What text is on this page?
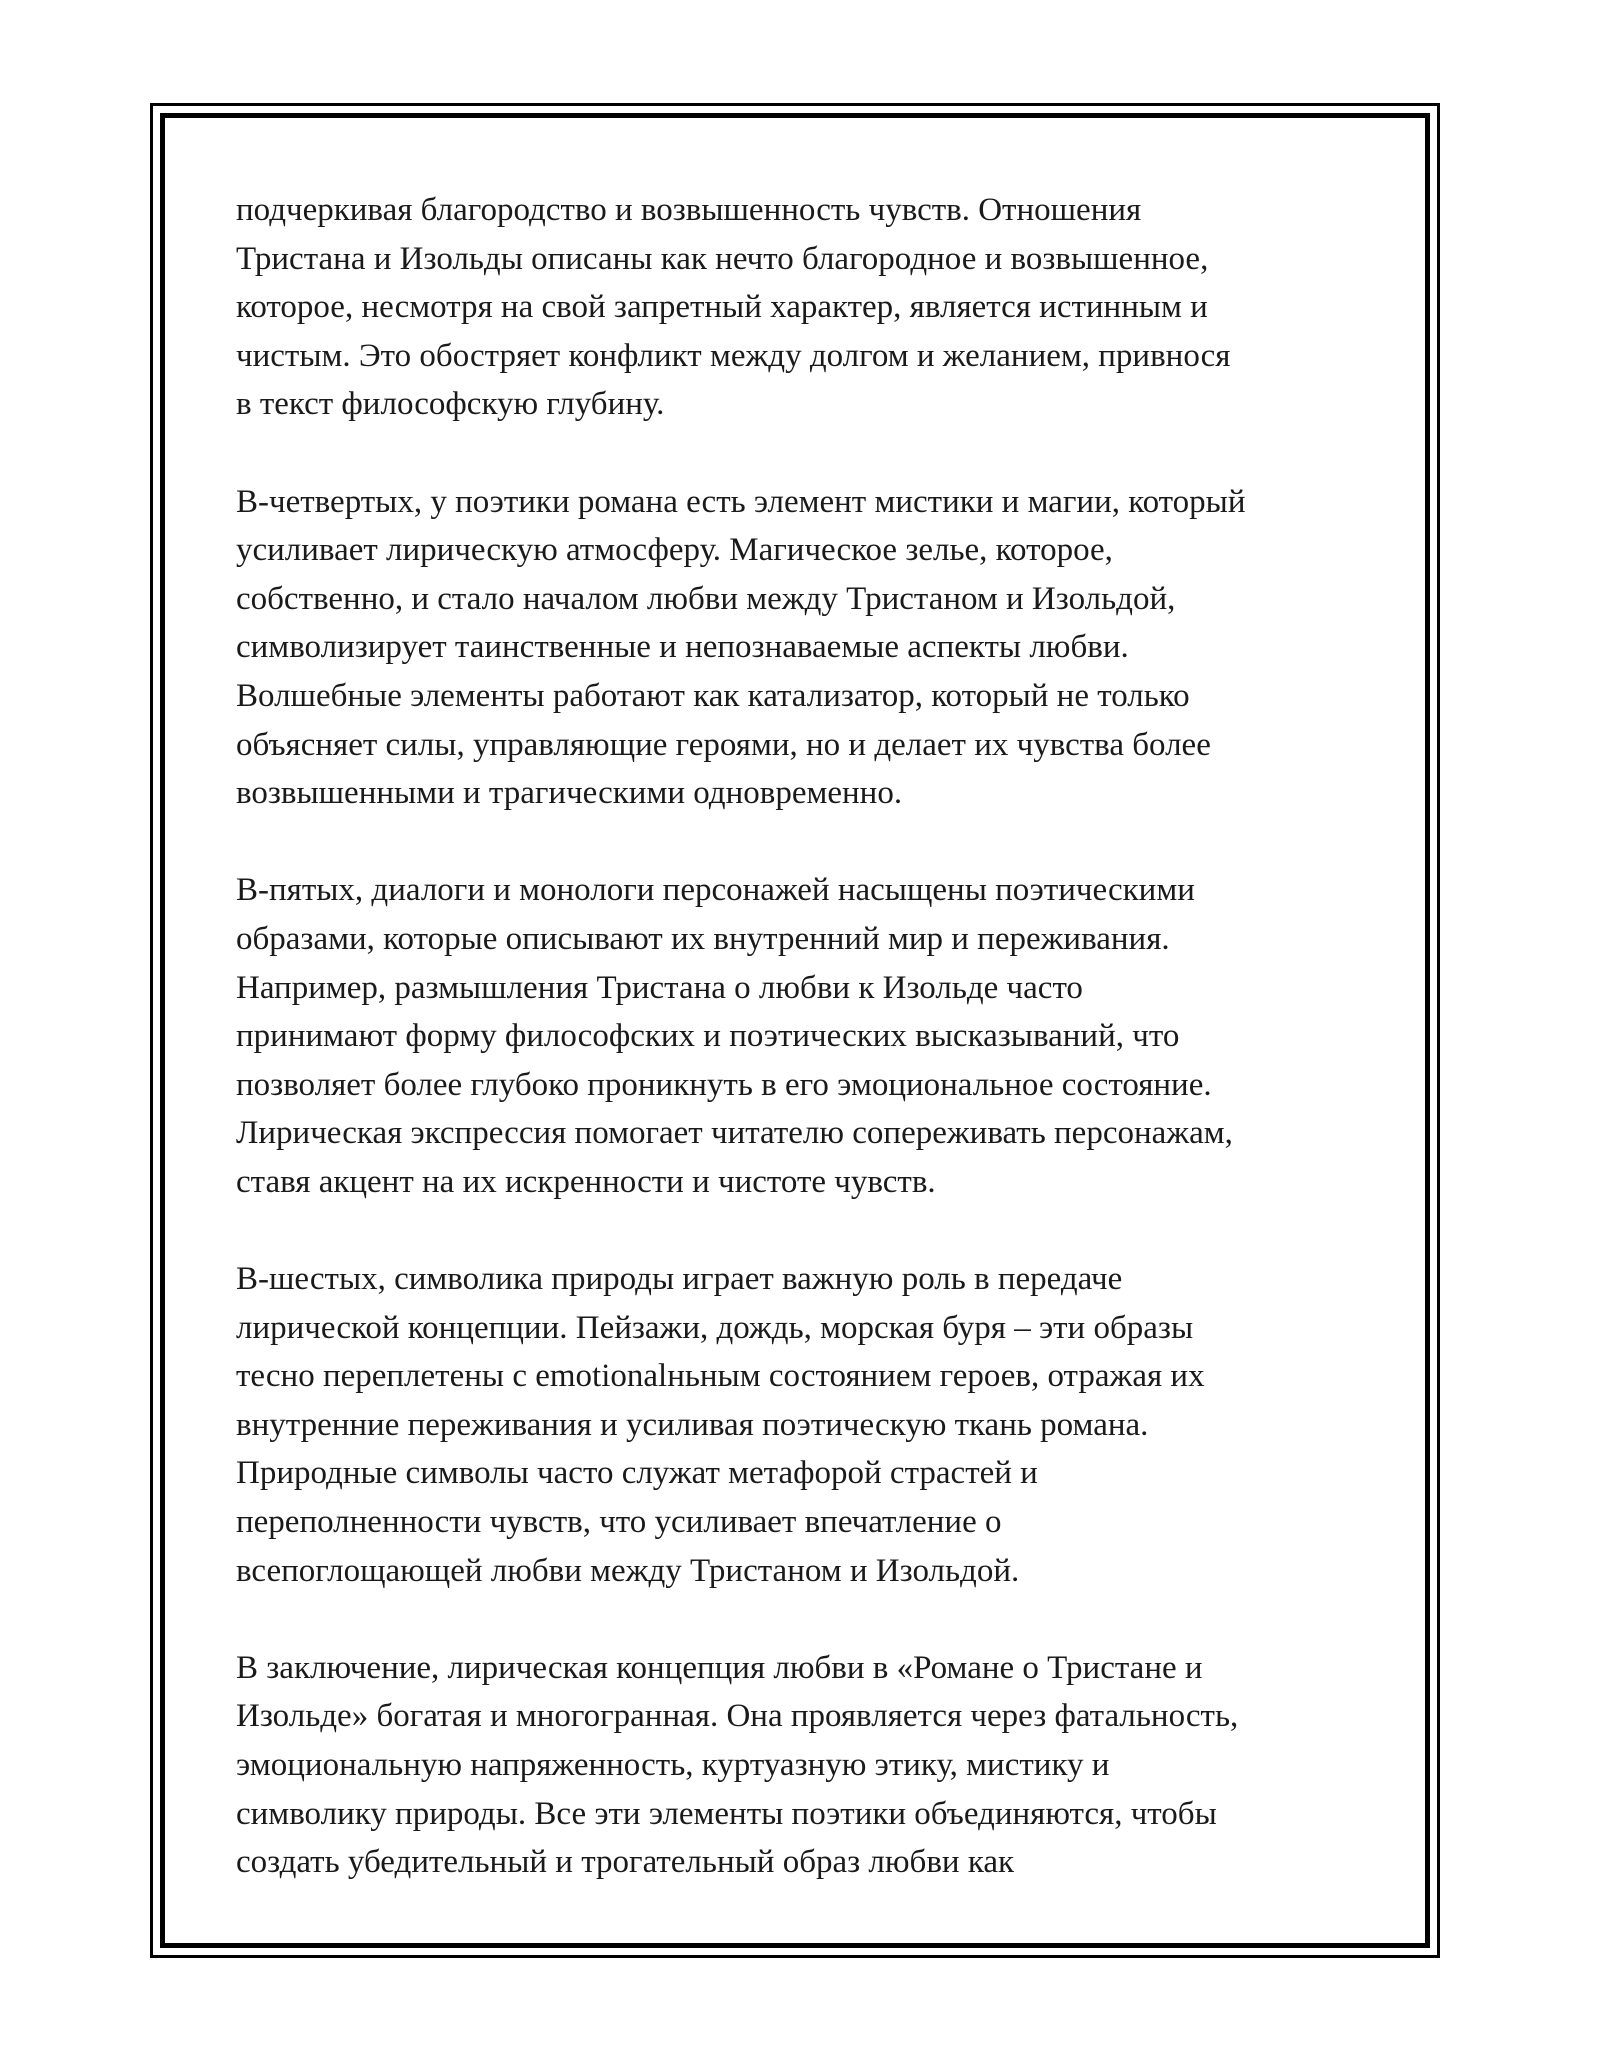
подчеркивая благородство и возвышенность чувств. Отношения
Тристана и Изольды описаны как нечто благородное и возвышенное,
которое, несмотря на свой запретный характер, является истинным и
чистым. Это обостряет конфликт между долгом и желанием, привнося
в текст философскую глубину.

В-четвертых, у поэтики романа есть элемент мистики и магии, который
усиливает лирическую атмосферу. Магическое зелье, которое,
собственно, и стало началом любви между Тристаном и Изольдой,
символизирует таинственные и непознаваемые аспекты любви.
Волшебные элементы работают как катализатор, который не только
объясняет силы, управляющие героями, но и делает их чувства более
возвышенными и трагическими одновременно.

В-пятых, диалоги и монологи персонажей насыщены поэтическими
образами, которые описывают их внутренний мир и переживания.
Например, размышления Тристана о любви к Изольде часто
принимают форму философских и поэтических высказываний, что
позволяет более глубоко проникнуть в его эмоциональное состояние.
Лирическая экспрессия помогает читателю сопереживать персонажам,
ставя акцент на их искренности и чистоте чувств.

В-шестых, символика природы играет важную роль в передаче
лирической концепции. Пейзажи, дождь, морская буря – эти образы
тесно переплетены с emotionalньным состоянием героев, отражая их
внутренние переживания и усиливая поэтическую ткань романа.
Природные символы часто служат метафорой страстей и
переполненности чувств, что усиливает впечатление о
всепоглощающей любви между Тристаном и Изольдой.

В заключение, лирическая концепция любви в «Романе о Тристане и
Изольде» богатая и многогранная. Она проявляется через фатальность,
эмоциональную напряженность, куртуазную этику, мистику и
символику природы. Все эти элементы поэтики объединяются, чтобы
создать убедительный и трогательный образ любви как
